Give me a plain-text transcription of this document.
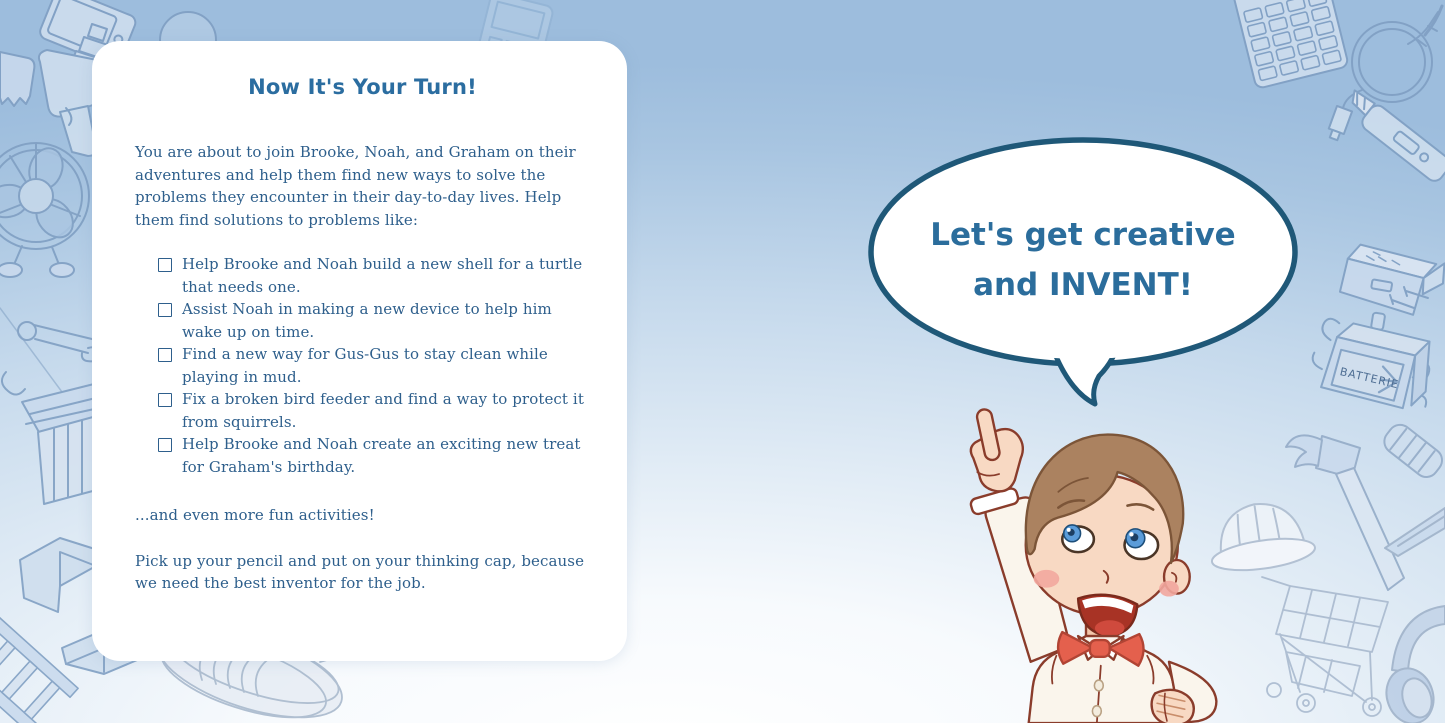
BATTERIE
Now It's Your Turn!

You are about to join Brooke, Noah, and Graham on their adventures and help them find new ways to solve the problems they encounter in their day-to-day lives. Help them find solutions to problems like:

Help Brooke and Noah build a new shell for a turtle that needs one.
Assist Noah in making a new device to help him wake up on time.
Find a new way for Gus-Gus to stay clean while playing in mud.
Fix a broken bird feeder and find a way to protect it from squirrels.
Help Brooke and Noah create an exciting new treat for Graham's birthday.

...and even more fun activities!

Pick up your pencil and put on your thinking cap, because we need the best inventor for the job.

Let's get creative
and INVENT!
